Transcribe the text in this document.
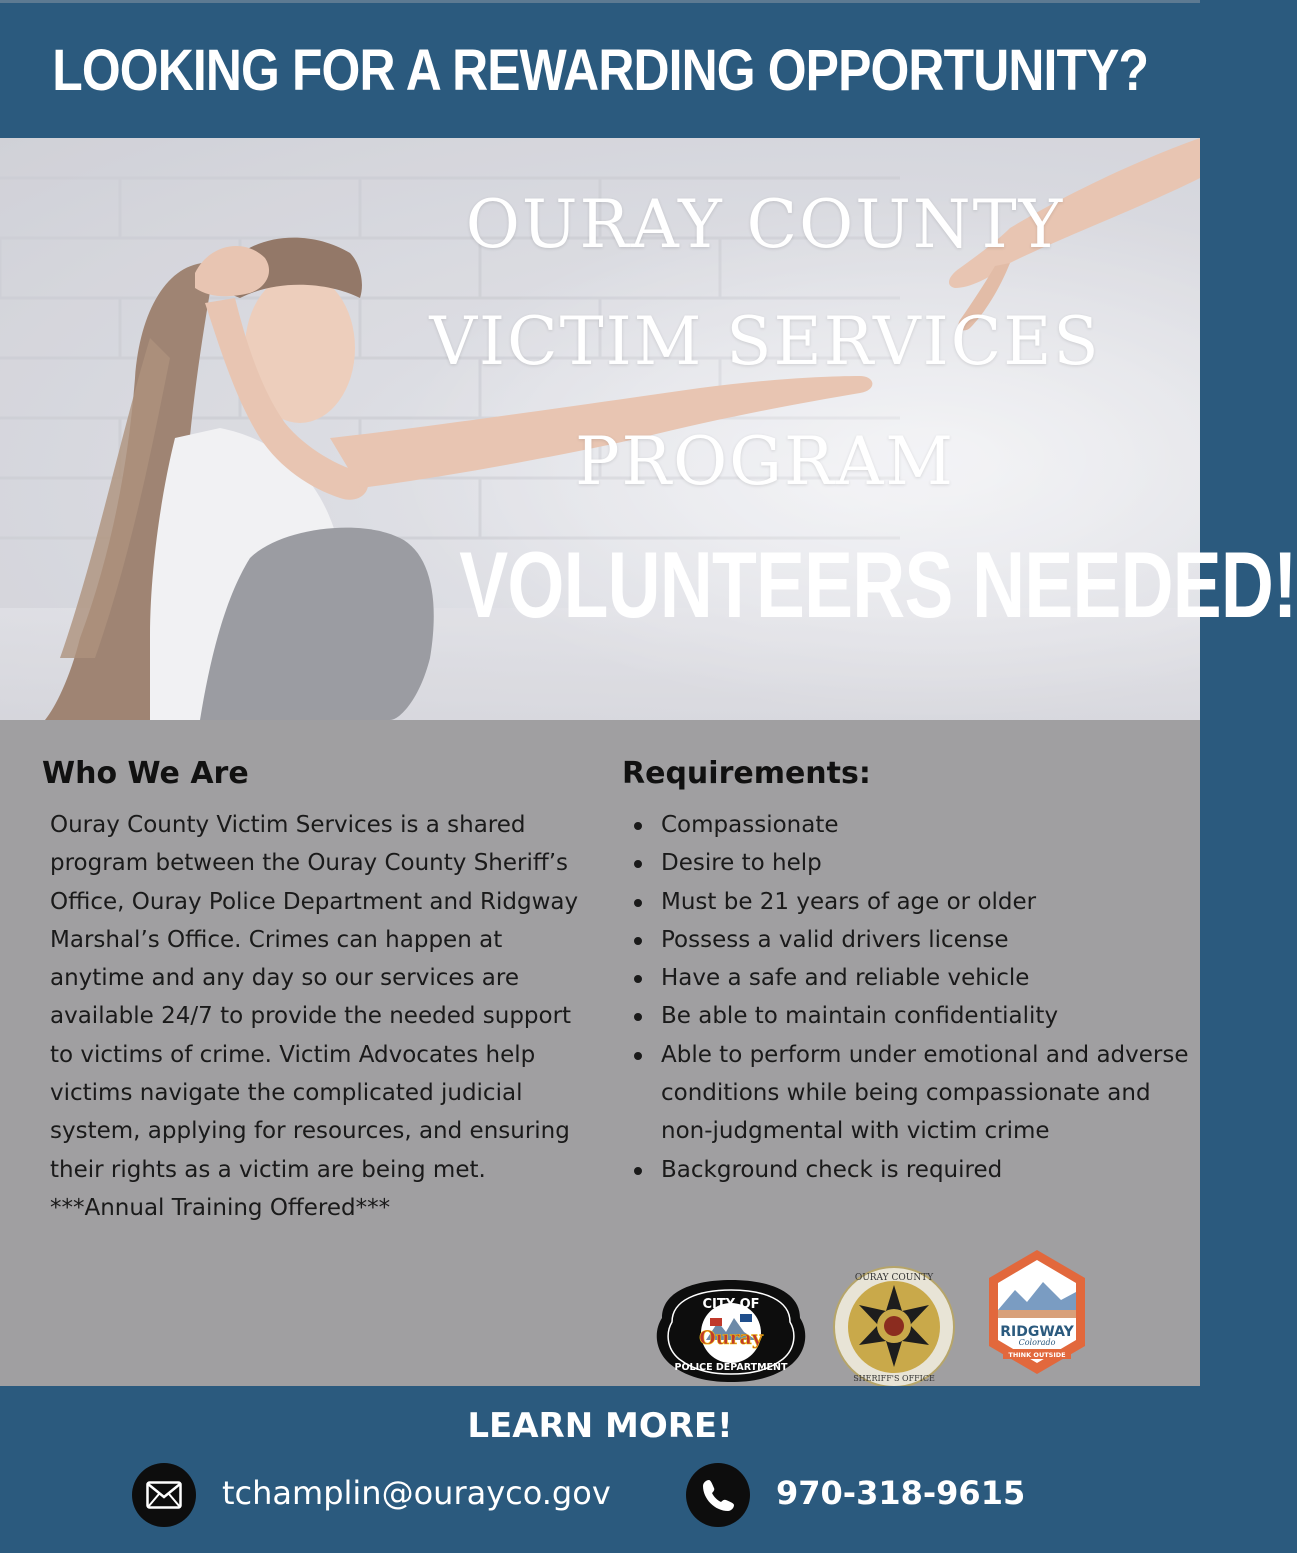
LOOKING FOR A REWARDING OPPORTUNITY?
OURAY COUNTY
VICTIM SERVICES
PROGRAM
VOLUNTEERS NEEDED!
Who We Are
Ouray County Victim Services is a shared program between the Ouray County Sheriff’s Office, Ouray Police Department and Ridgway Marshal’s Office. Crimes can happen at anytime and any day so our services are available 24/7 to provide the needed support to victims of crime. Victim Advocates help victims navigate the complicated judicial system, applying for resources, and ensuring their rights as a victim are being met.
***Annual Training Offered***
Requirements:
Compassionate
Desire to help
Must be 21 years of age or older
Possess a valid drivers license
Have a safe and reliable vehicle
Be able to maintain confidentiality
Able to perform under emotional and adverse conditions while being compassionate and non-judgmental with victim crime
Background check is required
Ouray
CITY OF
POLICE DEPARTMENT
OURAY COUNTY
SHERIFF'S OFFICE
RIDGWAY
Colorado
THINK OUTSIDE
LEARN MORE!
tchamplin@ourayco.gov	970-318-9615
